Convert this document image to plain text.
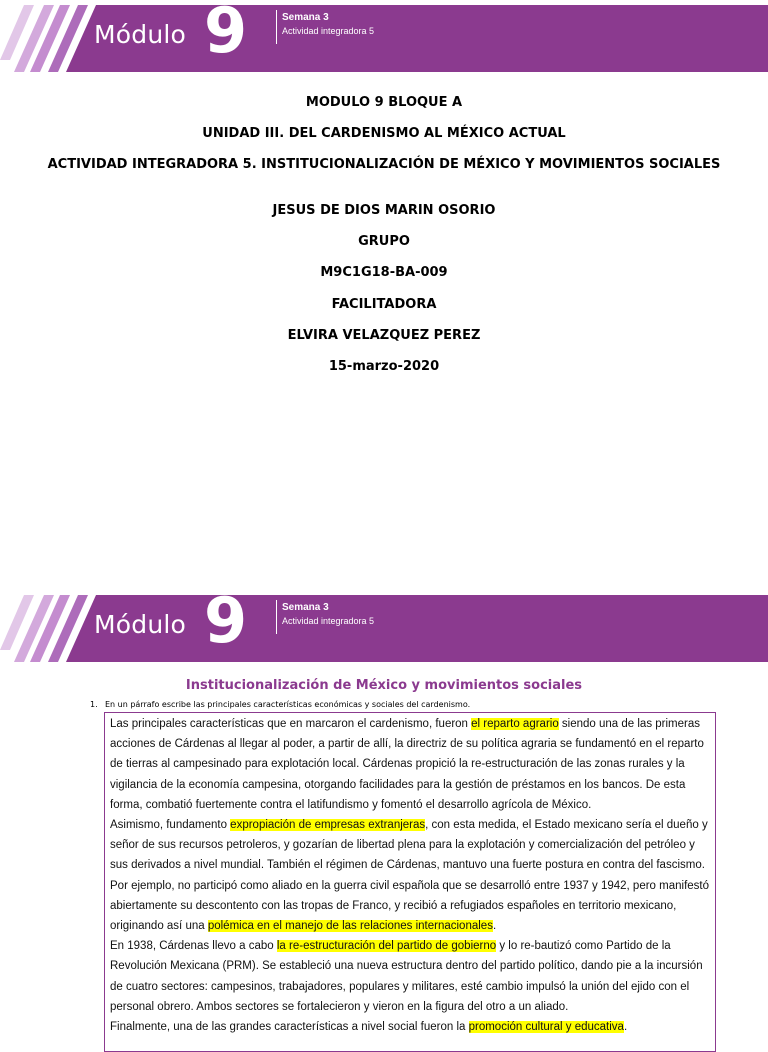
Módulo 9	Semana 3
Actividad integradora 5
MODULO 9 BLOQUE A
UNIDAD III. DEL CARDENISMO AL MÉXICO ACTUAL
ACTIVIDAD INTEGRADORA 5. INSTITUCIONALIZACIÓN DE MÉXICO Y MOVIMIENTOS SOCIALES
JESUS DE DIOS MARIN OSORIO
GRUPO
M9C1G18-BA-009
FACILITADORA
ELVIRA VELAZQUEZ PEREZ
15-marzo-2020
Módulo 9	Semana 3
Actividad integradora 5
Institucionalización de México y movimientos sociales
1. En un párrafo escribe las principales características económicas y sociales del cardenismo.

Las principales características que en marcaron el cardenismo, fueron el reparto agrario siendo una de las primeras acciones de Cárdenas al llegar al poder, a partir de allí, la directriz de su política agraria se fundamentó en el reparto de tierras al campesinado para explotación local. Cárdenas propició la re-estructuración de las zonas rurales y la vigilancia de la economía campesina, otorgando facilidades para la gestión de préstamos en los bancos. De esta forma, combatió fuertemente contra el latifundismo y fomentó el desarrollo agrícola de México.

Asimismo, fundamento expropiación de empresas extranjeras, con esta medida, el Estado mexicano sería el dueño y señor de sus recursos petroleros, y gozarían de libertad plena para la explotación y comercialización del petróleo y sus derivados a nivel mundial. También el régimen de Cárdenas, mantuvo una fuerte postura en contra del fascismo. Por ejemplo, no participó como aliado en la guerra civil española que se desarrolló entre 1937 y 1942, pero manifestó abiertamente su descontento con las tropas de Franco, y recibió a refugiados españoles en territorio mexicano, originando así una polémica en el manejo de las relaciones internacionales.

En 1938, Cárdenas llevo a cabo la re-estructuración del partido de gobierno y lo re-bautizó como Partido de la Revolución Mexicana (PRM). Se estableció una nueva estructura dentro del partido político, dando pie a la incursión de cuatro sectores: campesinos, trabajadores, populares y militares, esté cambio impulsó la unión del ejido con el personal obrero. Ambos sectores se fortalecieron y vieron en la figura del otro a un aliado.

Finalmente, una de las grandes características a nivel social fueron la promoción cultural y educativa.
